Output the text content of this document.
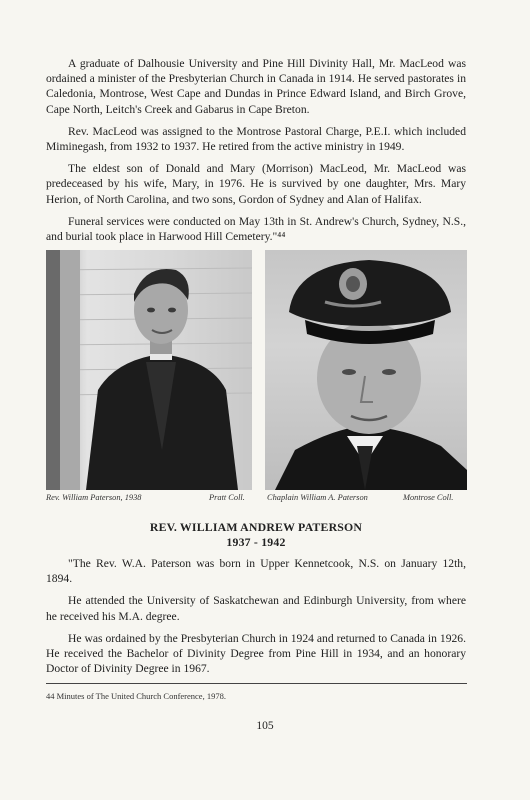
A graduate of Dalhousie University and Pine Hill Divinity Hall, Mr. MacLeod was ordained a minister of the Presbyterian Church in Canada in 1914. He served pastorates in Caledonia, Montrose, West Cape and Dundas in Prince Edward Island, and Birch Grove, Cape North, Leitch's Creek and Gabarus in Cape Breton.

Rev. MacLeod was assigned to the Montrose Pastoral Charge, P.E.I. which included Miminegash, from 1932 to 1937. He retired from the active ministry in 1949.

The eldest son of Donald and Mary (Morrison) MacLeod, Mr. MacLeod was predeceased by his wife, Mary, in 1976. He is survived by one daughter, Mrs. Mary Herion, of North Carolina, and two sons, Gordon of Sydney and Alan of Halifax.

Funeral services were conducted on May 13th in St. Andrew's Church, Sydney, N.S., and burial took place in Harwood Hill Cemetery."⁴⁴

Rev. William Paterson, 1938	Pratt Coll.	Chaplain William A. Paterson	Montrose Coll.
REV. WILLIAM ANDREW PATERSON
1937 - 1942

"The Rev. W.A. Paterson was born in Upper Kennetcook, N.S. on January 12th, 1894.

He attended the University of Saskatchewan and Edinburgh University, from where he received his M.A. degree.

He was ordained by the Presbyterian Church in 1924 and returned to Canada in 1926. He received the Bachelor of Divinity Degree from Pine Hill in 1934, and an honorary Doctor of Divinity Degree in 1967.

44 Minutes of The United Church Conference, 1978.
105
